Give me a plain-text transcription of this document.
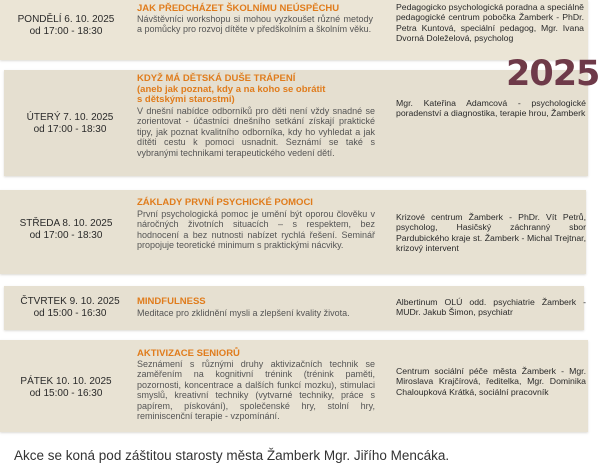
PONDĚLÍ 6. 10. 2025
od 17:00 - 18:30
JAK PŘEDCHÁZET ŠKOLNÍMU NEÚSPĚCHU
Návštěvníci workshopu si mohou vyzkoušet různé metody a pomůcky pro rozvoj dítěte v předškolním a školním věku.
Pedagogicko psychologická poradna a speciálně pedagogické centrum pobočka Žamberk - PhDr. Petra Kuntová, speciální pedagog, Mgr. Ivana Dvorná Doleželová, psycholog
ÚTERÝ 7. 10. 2025
od 17:00 - 18:30
KDYŽ MÁ DĚTSKÁ DUŠE TRÁPENÍ
(aneb jak poznat, kdy a na koho se obrátit
s dětskými starostmi)
V dnešní nabídce odborníků pro děti není vždy snadné se zorientovat - účastníci dnešního setkání získají praktické tipy, jak poznat kvalitního odborníka, kdy ho vyhledat a jak dítěti cestu k pomoci usnadnit. Seznámí se také s vybranými technikami terapeutického vedení dětí.
Mgr. Kateřina Adamcová - psychologické poradenství a diagnostika, terapie hrou, Žamberk
STŘEDA 8. 10. 2025
od 17:00 - 18:30
ZÁKLADY PRVNÍ PSYCHICKÉ POMOCI
První psychologická pomoc je umění být oporou člověku v náročných životních situacích – s respektem, bez hodnocení a bez nutnosti nabízet rychlá řešení. Seminář propojuje teoretické minimum s praktickými nácviky.
Krizové centrum Žamberk - PhDr. Vít Petrů, psycholog, Hasičský záchranný sbor Pardubického kraje st. Žamberk - Michal Trejtnar, krizový intervent
ČTVRTEK 9. 10. 2025
od 15:00 - 16:30
MINDFULNESS
Meditace pro zklidnění mysli a zlepšení kvality života.
Albertinum OLÚ odd. psychiatrie Žamberk - MUDr. Jakub Šimon, psychiatr
PÁTEK 10. 10. 2025
od 15:00 - 16:30
AKTIVIZACE SENIORŮ
Seznámení s různými druhy aktivizačních technik se zaměřením na kognitivní trénink (trénink paměti, pozornosti, koncentrace a dalších funkcí mozku), stimulaci smyslů, kreativní techniky (vytvarné techniky, práce s papírem, pískování), společenské hry, stolní hry, reminiscenční terapie - vzpomínání.
Centrum sociální péče města Žamberk - Mgr. Miroslava Krajčírová, ředitelka, Mgr. Dominika Chaloupková Krátká, sociální pracovník
2025
Akce se koná pod záštitou starosty města Žamberk Mgr. Jiřího Mencáka.
